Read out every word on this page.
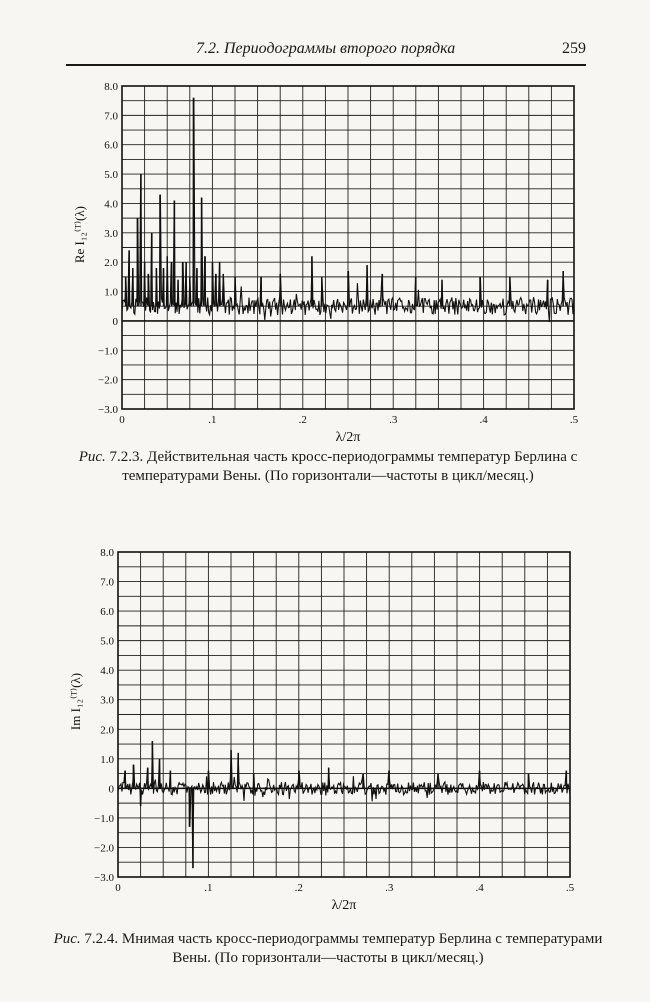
7.2. Периодограммы второго порядка	259
8.0
7.0
6.0
5.0
4.0
3.0
2.0
1.0
0
−1.0
−2.0
−3.0
0	.1	.2	.3	.4	.5
λ/2π
Re I₁₂⁽ᵀ⁾(λ)
Рис. 7.2.3. Действительная часть кросс-периодограммы температур Берлина с температурами Вены. (По горизонтали—частоты в цикл/месяц.)
8.0
7.0
6.0
5.0
4.0
3.0
2.0
1.0
0
−1.0
−2.0
−3.0
0	.1	.2	.3	.4	.5
λ/2π
Im I₁₂⁽ᵀ⁾(λ)
Рис. 7.2.4. Мнимая часть кросс-периодограммы температур Берлина с температурами Вены. (По горизонтали—частоты в цикл/месяц.)
